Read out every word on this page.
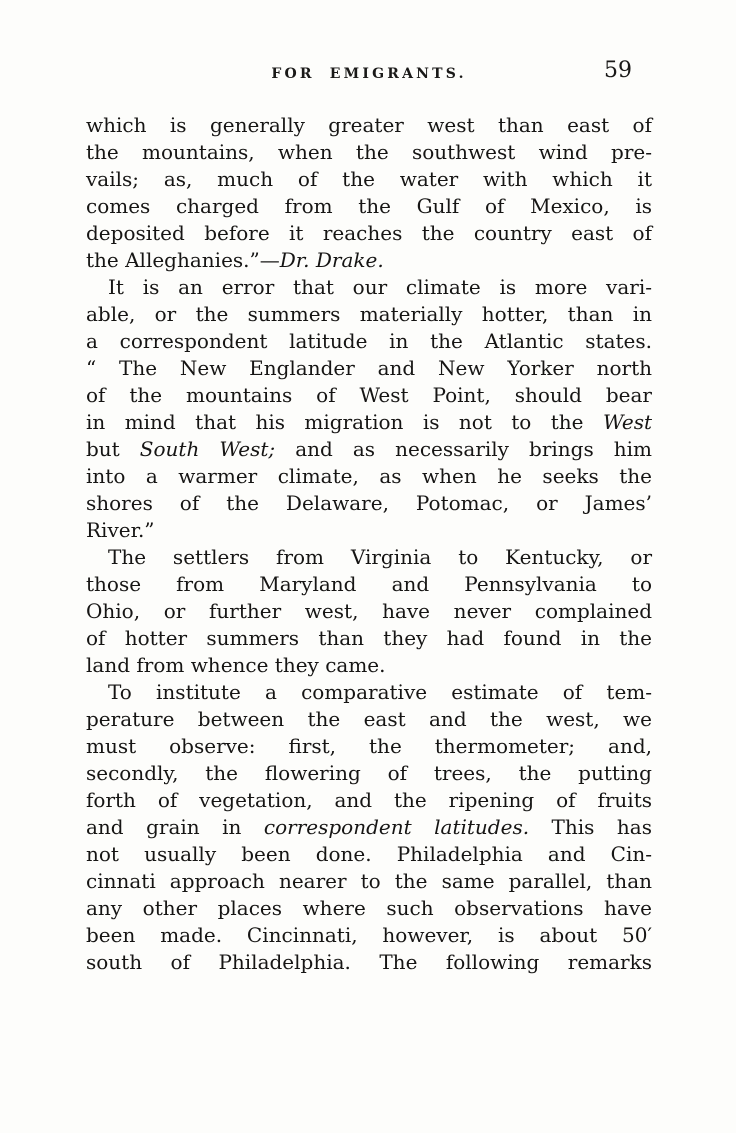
FOR EMIGRANTS.	59
which is generally greater west than east of
the mountains, when the southwest wind pre-
vails; as, much of the water with which it
comes charged from the Gulf of Mexico, is
deposited before it reaches the country east of
the Alleghanies.”—Dr. Drake.
It is an error that our climate is more vari-
able, or the summers materially hotter, than in
a correspondent latitude in the Atlantic states.
“ The New Englander and New Yorker north
of the mountains of West Point, should bear
in mind that his migration is not to the West
but South West; and as necessarily brings him
into a warmer climate, as when he seeks the
shores of the Delaware, Potomac, or James’
River.”
The settlers from Virginia to Kentucky, or
those from Maryland and Pennsylvania to
Ohio, or further west, have never complained
of hotter summers than they had found in the
land from whence they came.
To institute a comparative estimate of tem-
perature between the east and the west, we
must observe: first, the thermometer; and,
secondly, the flowering of trees, the putting
forth of vegetation, and the ripening of fruits
and grain in correspondent latitudes. This has
not usually been done. Philadelphia and Cin-
cinnati approach nearer to the same parallel, than
any other places where such observations have
been made. Cincinnati, however, is about 50′
south of Philadelphia. The following remarks
